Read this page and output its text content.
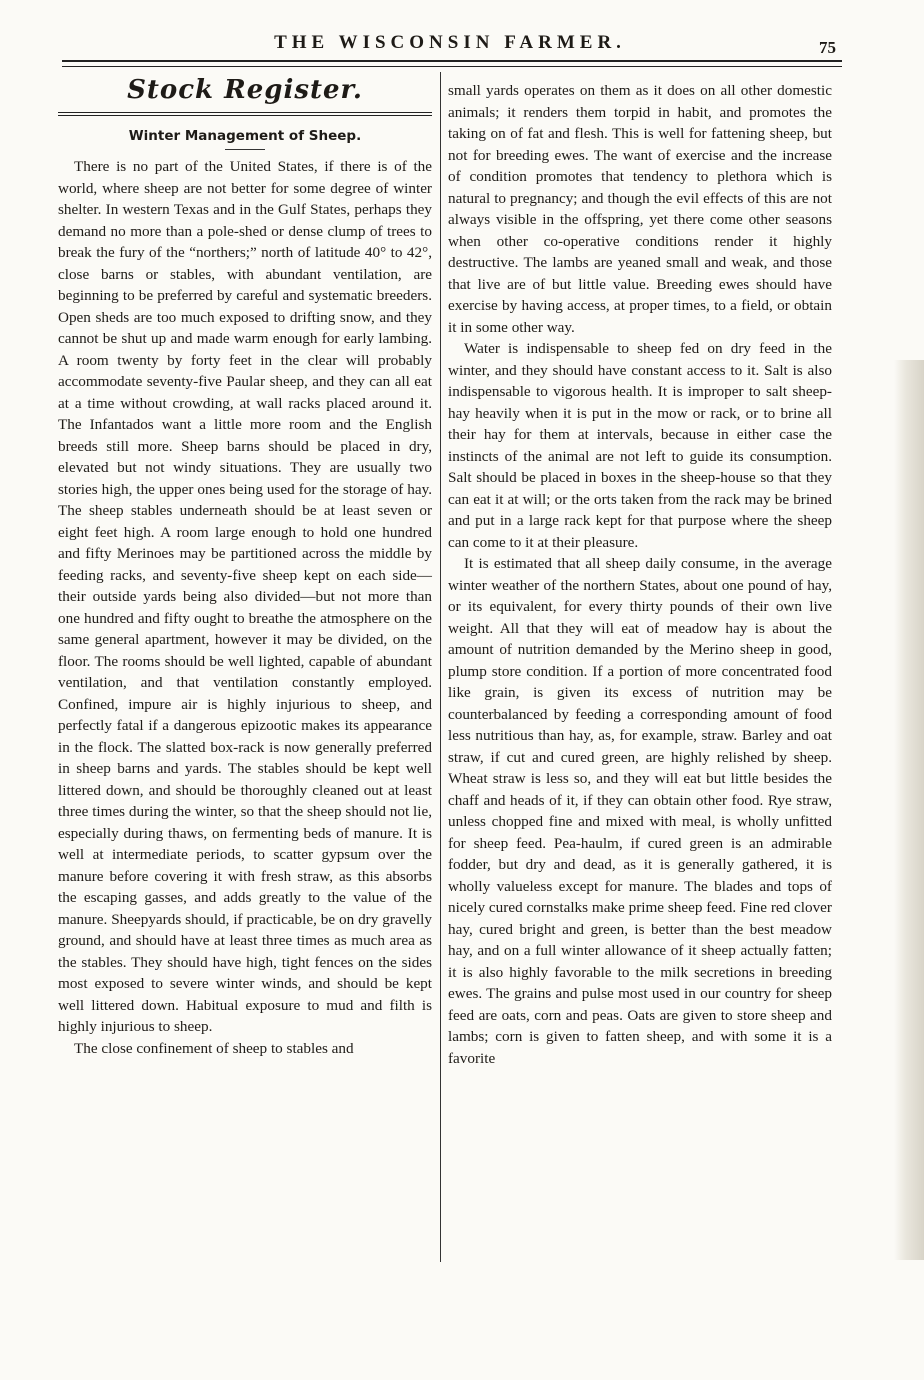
THE WISCONSIN FARMER.	75
Stock Register.
Winter Management of Sheep.

There is no part of the United States, if there is of the world, where sheep are not better for some degree of winter shelter. In western Texas and in the Gulf States, perhaps they demand no more than a pole-shed or dense clump of trees to break the fury of the “northers;” north of latitude 40° to 42°, close barns or stables, with abundant ventilation, are beginning to be preferred by careful and systematic breeders. Open sheds are too much exposed to drifting snow, and they cannot be shut up and made warm enough for early lambing. A room twenty by forty feet in the clear will probably accommodate seventy-five Paular sheep, and they can all eat at a time without crowding, at wall racks placed around it. The Infantados want a little more room and the English breeds still more. Sheep barns should be placed in dry, elevated but not windy situations. They are usually two stories high, the upper ones being used for the storage of hay. The sheep stables underneath should be at least seven or eight feet high. A room large enough to hold one hundred and fifty Merinoes may be partitioned across the middle by feeding racks, and seventy-five sheep kept on each side—their outside yards being also divided—but not more than one hundred and fifty ought to breathe the atmosphere on the same general apartment, however it may be divided, on the floor. The rooms should be well lighted, capable of abundant ventilation, and that ventilation constantly employed. Confined, impure air is highly injurious to sheep, and perfectly fatal if a dangerous epizootic makes its appearance in the flock. The slatted box-rack is now generally preferred in sheep barns and yards. The stables should be kept well littered down, and should be thoroughly cleaned out at least three times during the winter, so that the sheep should not lie, especially during thaws, on fermenting beds of manure. It is well at intermediate periods, to scatter gypsum over the manure before covering it with fresh straw, as this absorbs the escaping gasses, and adds greatly to the value of the manure. Sheepyards should, if practicable, be on dry gravelly ground, and should have at least three times as much area as the stables. They should have high, tight fences on the sides most exposed to severe winter winds, and should be kept well littered down. Habitual exposure to mud and filth is highly injurious to sheep.

The close confinement of sheep to stables and

small yards operates on them as it does on all other domestic animals; it renders them torpid in habit, and promotes the taking on of fat and flesh. This is well for fattening sheep, but not for breeding ewes. The want of exercise and the increase of condition promotes that tendency to plethora which is natural to pregnancy; and though the evil effects of this are not always visible in the offspring, yet there come other seasons when other co-operative conditions render it highly destructive. The lambs are yeaned small and weak, and those that live are of but little value. Breeding ewes should have exercise by having access, at proper times, to a field, or obtain it in some other way.

Water is indispensable to sheep fed on dry feed in the winter, and they should have constant access to it. Salt is also indispensable to vigorous health. It is improper to salt sheep-hay heavily when it is put in the mow or rack, or to brine all their hay for them at intervals, because in either case the instincts of the animal are not left to guide its consumption. Salt should be placed in boxes in the sheep-house so that they can eat it at will; or the orts taken from the rack may be brined and put in a large rack kept for that purpose where the sheep can come to it at their pleasure.

It is estimated that all sheep daily consume, in the average winter weather of the northern States, about one pound of hay, or its equivalent, for every thirty pounds of their own live weight. All that they will eat of meadow hay is about the amount of nutrition demanded by the Merino sheep in good, plump store condition. If a portion of more concentrated food like grain, is given its excess of nutrition may be counterbalanced by feeding a corresponding amount of food less nutritious than hay, as, for example, straw. Barley and oat straw, if cut and cured green, are highly relished by sheep. Wheat straw is less so, and they will eat but little besides the chaff and heads of it, if they can obtain other food. Rye straw, unless chopped fine and mixed with meal, is wholly unfitted for sheep feed. Pea-haulm, if cured green is an admirable fodder, but dry and dead, as it is generally gathered, it is wholly valueless except for manure. The blades and tops of nicely cured cornstalks make prime sheep feed. Fine red clover hay, cured bright and green, is better than the best meadow hay, and on a full winter allowance of it sheep actually fatten; it is also highly favorable to the milk secretions in breeding ewes. The grains and pulse most used in our country for sheep feed are oats, corn and peas. Oats are given to store sheep and lambs; corn is given to fatten sheep, and with some it is a favorite
